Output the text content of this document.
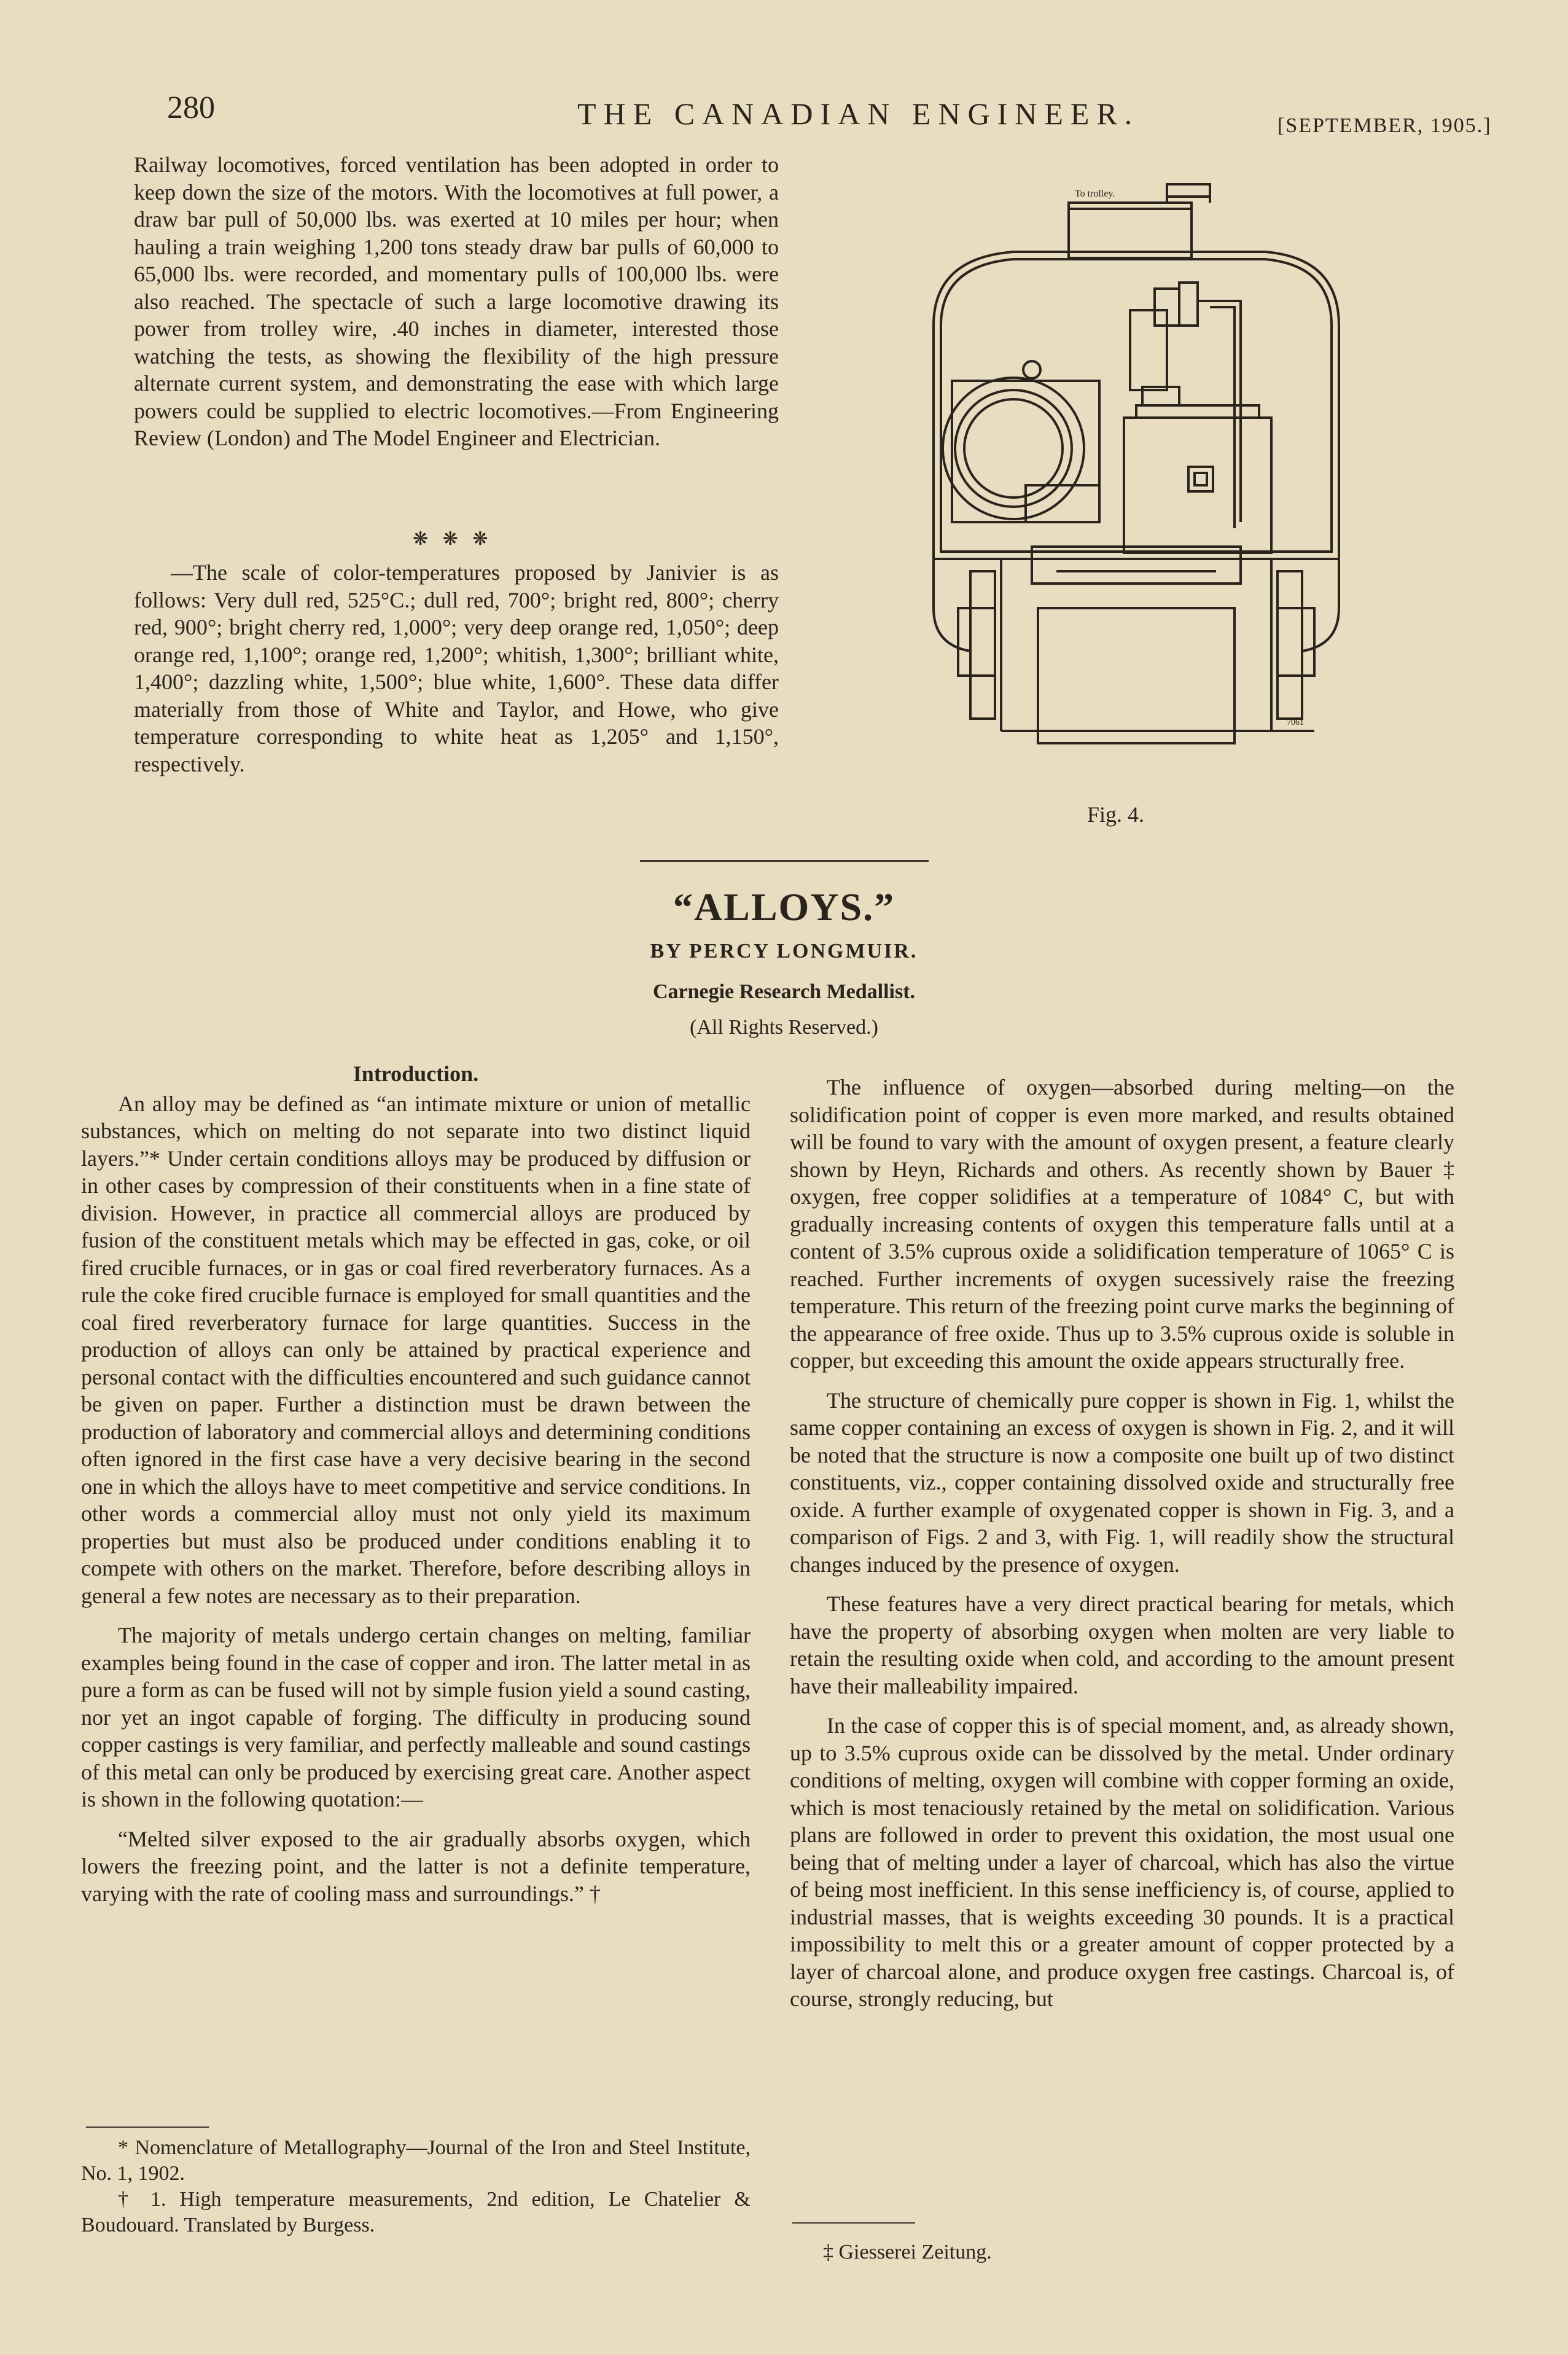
280	THE CANADIAN ENGINEER.	[SEPTEMBER, 1905.]

Railway locomotives, forced ventilation has been adopted in order to keep down the size of the motors. With the locomotives at full power, a draw bar pull of 50,000 lbs. was exerted at 10 miles per hour; when hauling a train weighing 1,200 tons steady draw bar pulls of 60,000 to 65,000 lbs. were recorded, and momentary pulls of 100,000 lbs. were also reached. The spectacle of such a large locomotive drawing its power from trolley wire, .40 inches in diameter, interested those watching the tests, as showing the flexibility of the high pressure alternate current system, and demonstrating the ease with which large powers could be supplied to electric locomotives.—From Engineering Review (London) and The Model Engineer and Electrician.

❋ ❋ ❋

—The scale of color-temperatures proposed by Janivier is as follows: Very dull red, 525°C.; dull red, 700°; bright red, 800°; cherry red, 900°; bright cherry red, 1,000°; very deep orange red, 1,050°; deep orange red, 1,100°; orange red, 1,200°; whitish, 1,300°; brilliant white, 1,400°; dazzling white, 1,500°; blue white, 1,600°. These data differ materially from those of White and Taylor, and Howe, who give temperature corresponding to white heat as 1,205° and 1,150°, respectively.

To trolley.
7061
Fig. 4.
“ALLOYS.”
BY PERCY LONGMUIR.
Carnegie Research Medallist.
(All Rights Reserved.)

Introduction.

An alloy may be defined as “an intimate mixture or union of metallic substances, which on melting do not separate into two distinct liquid layers.”* Under certain conditions alloys may be produced by diffusion or in other cases by compression of their constituents when in a fine state of division. However, in practice all commercial alloys are produced by fusion of the constituent metals which may be effected in gas, coke, or oil fired crucible furnaces, or in gas or coal fired reverberatory furnaces. As a rule the coke fired crucible furnace is employed for small quantities and the coal fired reverberatory furnace for large quantities. Success in the production of alloys can only be attained by practical experience and personal contact with the difficulties encountered and such guidance cannot be given on paper. Further a distinction must be drawn between the production of laboratory and commercial alloys and determining conditions often ignored in the first case have a very decisive bearing in the second one in which the alloys have to meet competitive and service conditions. In other words a commercial alloy must not only yield its maximum properties but must also be produced under conditions enabling it to compete with others on the market. Therefore, before describing alloys in general a few notes are necessary as to their preparation.

The majority of metals undergo certain changes on melting, familiar examples being found in the case of copper and iron. The latter metal in as pure a form as can be fused will not by simple fusion yield a sound casting, nor yet an ingot capable of forging. The difficulty in producing sound copper castings is very familiar, and perfectly malleable and sound castings of this metal can only be produced by exercising great care. Another aspect is shown in the following quotation:—

“Melted silver exposed to the air gradually absorbs oxygen, which lowers the freezing point, and the latter is not a definite temperature, varying with the rate of cooling mass and surroundings.” †

The influence of oxygen—absorbed during melting—on the solidification point of copper is even more marked, and results obtained will be found to vary with the amount of oxygen present, a feature clearly shown by Heyn, Richards and others. As recently shown by Bauer ‡ oxygen, free copper solidifies at a temperature of 1084° C, but with gradually increasing contents of oxygen this temperature falls until at a content of 3.5% cuprous oxide a solidification temperature of 1065° C is reached. Further increments of oxygen sucessively raise the freezing temperature. This return of the freezing point curve marks the beginning of the appearance of free oxide. Thus up to 3.5% cuprous oxide is soluble in copper, but exceeding this amount the oxide appears structurally free.

The structure of chemically pure copper is shown in Fig. 1, whilst the same copper containing an excess of oxygen is shown in Fig. 2, and it will be noted that the structure is now a composite one built up of two distinct constituents, viz., copper containing dissolved oxide and structurally free oxide. A further example of oxygenated copper is shown in Fig. 3, and a comparison of Figs. 2 and 3, with Fig. 1, will readily show the structural changes induced by the presence of oxygen.

These features have a very direct practical bearing for metals, which have the property of absorbing oxygen when molten are very liable to retain the resulting oxide when cold, and according to the amount present have their malleability impaired.

In the case of copper this is of special moment, and, as already shown, up to 3.5% cuprous oxide can be dissolved by the metal. Under ordinary conditions of melting, oxygen will combine with copper forming an oxide, which is most tenaciously retained by the metal on solidification. Various plans are followed in order to prevent this oxidation, the most usual one being that of melting under a layer of charcoal, which has also the virtue of being most inefficient. In this sense inefficiency is, of course, applied to industrial masses, that is weights exceeding 30 pounds. It is a practical impossibility to melt this or a greater amount of copper protected by a layer of charcoal alone, and produce oxygen free castings. Charcoal is, of course, strongly reducing, but

* Nomenclature of Metallography—Journal of the Iron and Steel Institute, No. 1, 1902.

† 1. High temperature measurements, 2nd edition, Le Chatelier & Boudouard. Translated by Burgess.

‡ Giesserei Zeitung.
